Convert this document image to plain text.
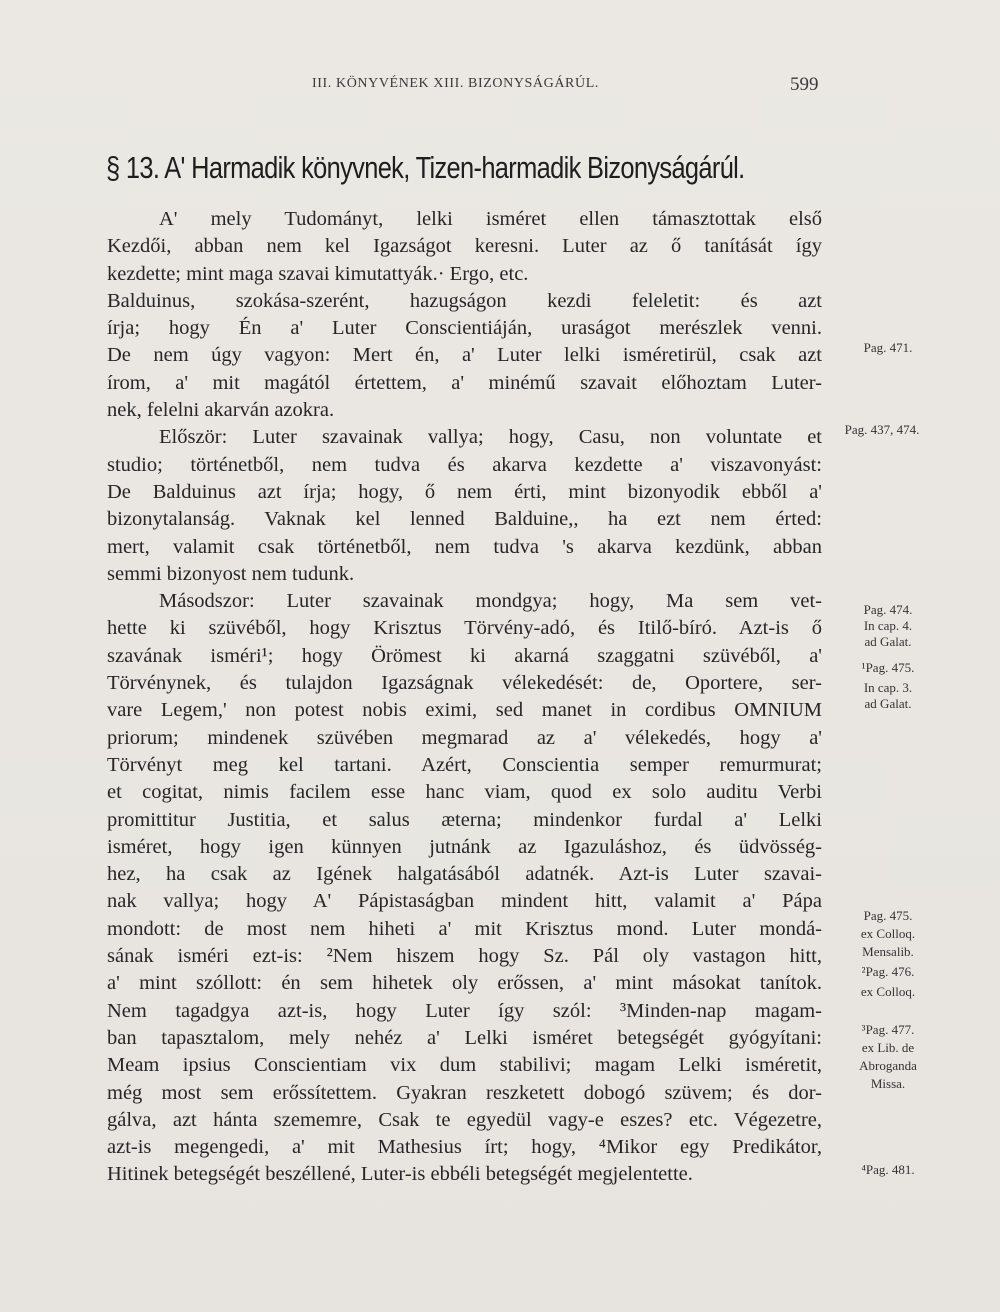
III. KÖNYVÉNEK XIII. BIZONYSÁGÁRÚL.	599
§ 13. A' Harmadik könyvnek, Tizen-harmadik Bizonyságárúl.
A' mely Tudományt, lelki isméret ellen támasztottak első
Kezdői, abban nem kel Igazságot keresni. Luter az ő tanítását így
kezdette; mint maga szavai kimutattyák.· Ergo, etc.
Balduinus, szokása-szerént, hazugságon kezdi feleletit: és azt
írja; hogy Én a' Luter Conscientiáján, uraságot merészlek venni.
De nem úgy vagyon: Mert én, a' Luter lelki isméretirül, csak azt
írom, a' mit magától értettem, a' minémű szavait előhoztam Luter-
nek, felelni akarván azokra.
Először: Luter szavainak vallya; hogy, Casu, non voluntate et
studio; történetből, nem tudva és akarva kezdette a' viszavonyást:
De Balduinus azt írja; hogy, ő nem érti, mint bizonyodik ebből a'
bizonytalanság. Vaknak kel lenned Balduine,, ha ezt nem érted:
mert, valamit csak történetből, nem tudva 's akarva kezdünk, abban
semmi bizonyost nem tudunk.
Másodszor: Luter szavainak mondgya; hogy, Ma sem vet-
hette ki szüvéből, hogy Krisztus Törvény-adó, és Itilő-bíró. Azt-is ő
szavának isméri¹; hogy Örömest ki akarná szaggatni szüvéből, a'
Törvénynek, és tulajdon Igazságnak vélekedését: de, Oportere, ser-
vare Legem,' non potest nobis eximi, sed manet in cordibus OMNIUM
priorum; mindenek szüvében megmarad az a' vélekedés, hogy a'
Törvényt meg kel tartani. Azért, Conscientia semper remurmurat;
et cogitat, nimis facilem esse hanc viam, quod ex solo auditu Verbi
promittitur Justitia, et salus æterna; mindenkor furdal a' Lelki
isméret, hogy igen künnyen jutnánk az Igazuláshoz, és üdvösség-
hez, ha csak az Igének halgatásából adatnék. Azt-is Luter szavai-
nak vallya; hogy A' Pápistaságban mindent hitt, valamit a' Pápa
mondott: de most nem hiheti a' mit Krisztus mond. Luter mondá-
sának isméri ezt-is: ²Nem hiszem hogy Sz. Pál oly vastagon hitt,
a' mint szóllott: én sem hihetek oly erőssen, a' mint másokat tanítok.
Nem tagadgya azt-is, hogy Luter így szól: ³Minden-nap magam-
ban tapasztalom, mely nehéz a' Lelki isméret betegségét gyógyítani:
Meam ipsius Conscientiam vix dum stabilivi; magam Lelki isméretit,
még most sem erőssítettem. Gyakran reszketett dobogó szüvem; és dor-
gálva, azt hánta szememre, Csak te egyedül vagy-e eszes? etc. Végezetre,
azt-is megengedi, a' mit Mathesius írt; hogy, ⁴Mikor egy Predikátor,
Hitinek betegségét beszéllené, Luter-is ebbéli betegségét megjelentette.
Pag. 471.
Pag. 437, 474.
Pag. 474.
In cap. 4.
ad Galat.
¹Pag. 475.
In cap. 3.
ad Galat.
Pag. 475.
ex Colloq.
Mensalib.
²Pag. 476.
ex Colloq.
³Pag. 477.
ex Lib. de
Abroganda
Missa.
⁴Pag. 481.
